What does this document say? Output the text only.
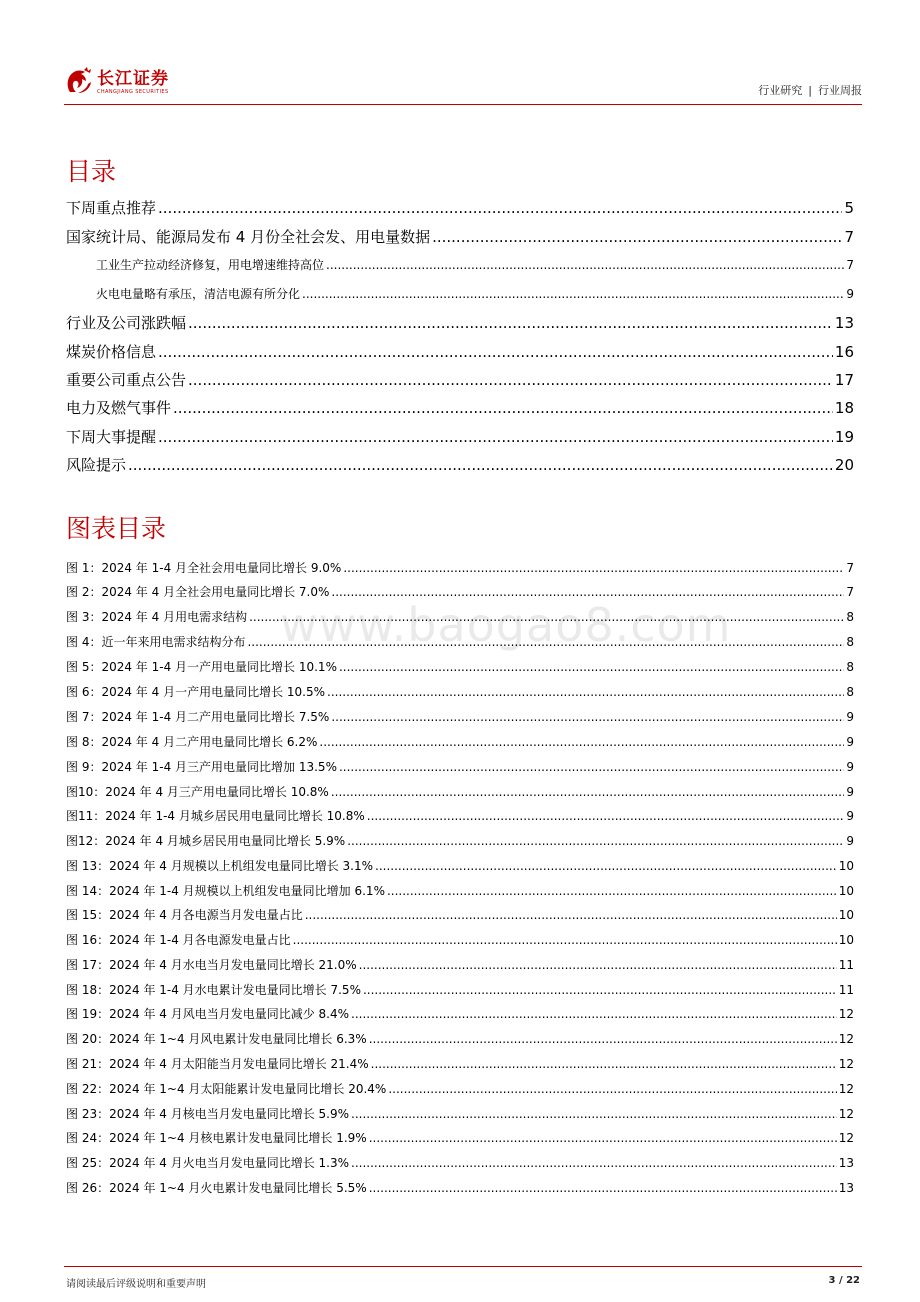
长江证券
CHANGJIANG SECURITIES	行业研究 | 行业周报
目录
下周重点推荐 .....	5
国家统计局、能源局发布 4 月份全社会发、用电量数据 .....	7
工业生产拉动经济修复，用电增速维持高位 .....	7
火电电量略有承压，清洁电源有所分化 .....	9
行业及公司涨跌幅 .....	13
煤炭价格信息 .....	16
重要公司重点公告 .....	17
电力及燃气事件 .....	18
下周大事提醒 .....	19
风险提示 .....	20
图表目录
www.baogao8.com
图 1：2024 年 1-4 月全社会用电量同比增长 9.0% .....	7
图 2：2024 年 4 月全社会用电量同比增长 7.0% .....	7
图 3：2024 年 4 月用电需求结构 .....	8
图 4：近一年来用电需求结构分布 .....	8
图 5：2024 年 1-4 月一产用电量同比增长 10.1% .....	8
图 6：2024 年 4 月一产用电量同比增长 10.5% .....	8
图 7：2024 年 1-4 月二产用电量同比增长 7.5% .....	9
图 8：2024 年 4 月二产用电量同比增长 6.2% .....	9
图 9：2024 年 1-4 月三产用电量同比增加 13.5% .....	9
图10：2024 年 4 月三产用电量同比增长 10.8% .....	9
图11：2024 年 1-4 月城乡居民用电量同比增长 10.8% .....	9
图12：2024 年 4 月城乡居民用电量同比增长 5.9% .....	9
图 13：2024 年 4 月规模以上机组发电量同比增长 3.1% .....	10
图 14：2024 年 1-4 月规模以上机组发电量同比增加 6.1% .....	10
图 15：2024 年 4 月各电源当月发电量占比 .....	10
图 16：2024 年 1-4 月各电源发电量占比 .....	10
图 17：2024 年 4 月水电当月发电量同比增长 21.0% .....	11
图 18：2024 年 1-4 月水电累计发电量同比增长 7.5% .....	11
图 19：2024 年 4 月风电当月发电量同比减少 8.4% .....	12
图 20：2024 年 1~4 月风电累计发电量同比增长 6.3% .....	12
图 21：2024 年 4 月太阳能当月发电量同比增长 21.4% .....	12
图 22：2024 年 1~4 月太阳能累计发电量同比增长 20.4% .....	12
图 23：2024 年 4 月核电当月发电量同比增长 5.9% .....	12
图 24：2024 年 1~4 月核电累计发电量同比增长 1.9% .....	12
图 25：2024 年 4 月火电当月发电量同比增长 1.3% .....	13
图 26：2024 年 1~4 月火电累计发电量同比增长 5.5% .....	13
请阅读最后评级说明和重要声明	3 / 22
